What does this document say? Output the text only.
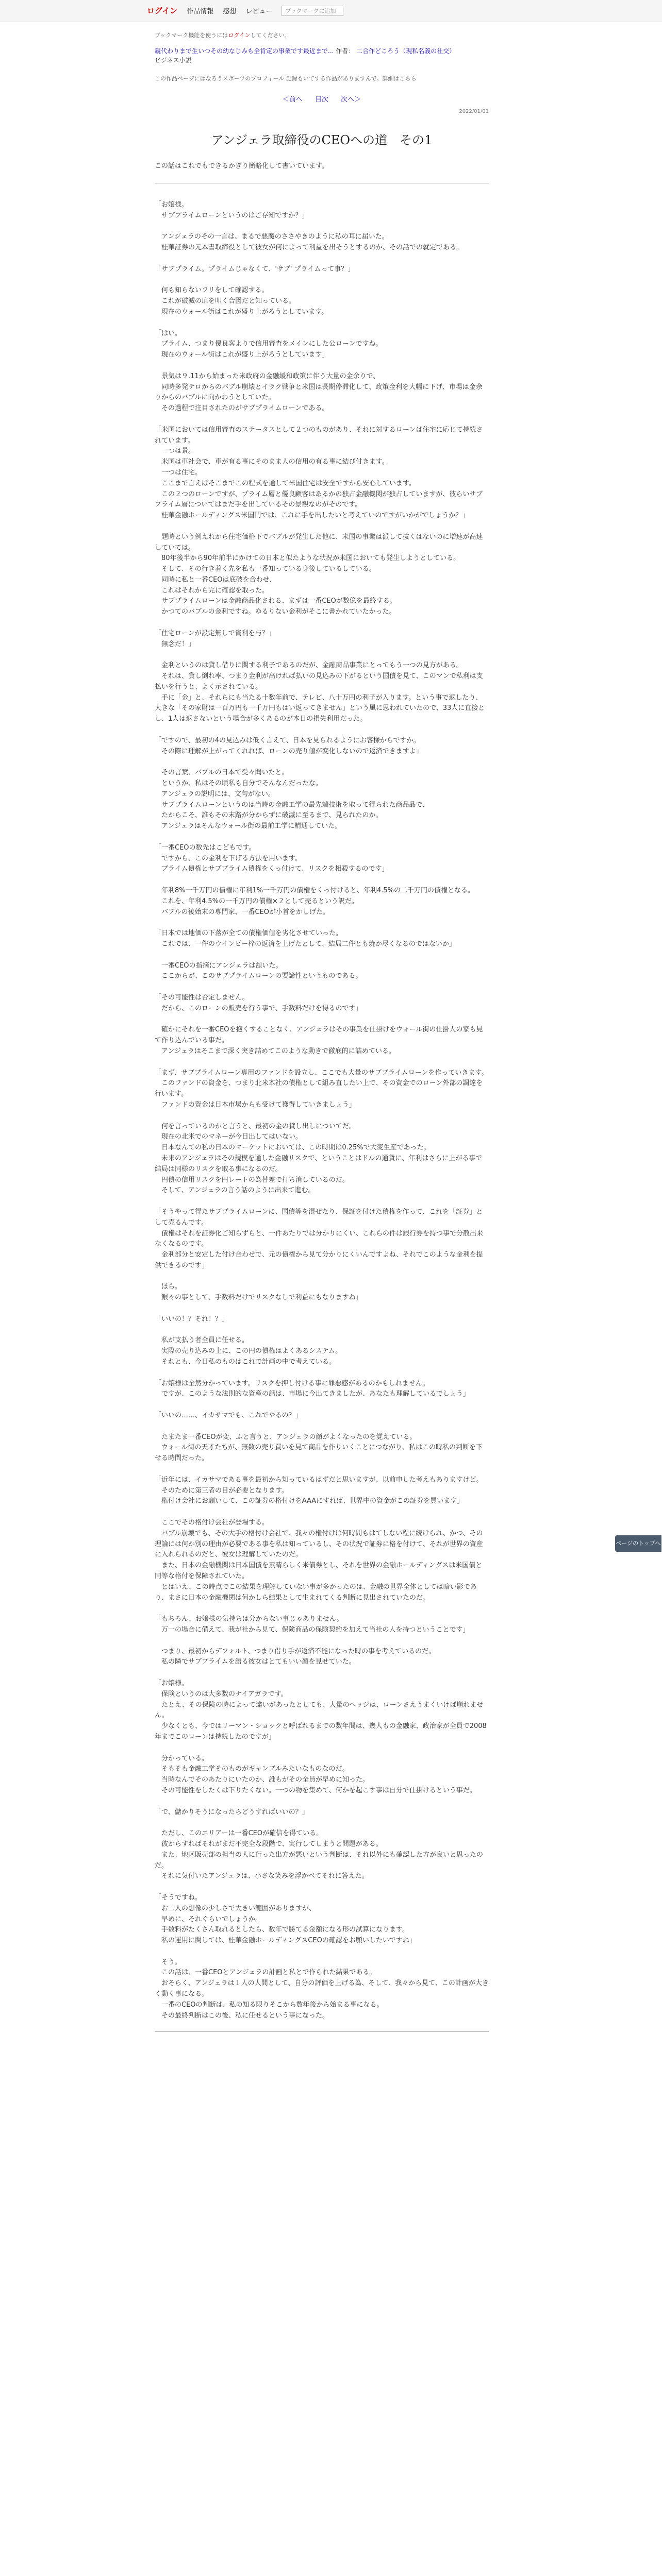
ログイン 作品情報 感想 レビュー	ブックマークに追加

ブックマーク機能を使うにはログインしてください。

親代わりまで生いつその幼なじみも全肯定の事業です最近まで... 作者： 二合作どころう（現私名義の社交）
ビジネス小説

この作品ページにはなろうスポーツのプロフィール 記録もいてする作品がありますんで。詳細はこちら

＜前へ 目次 次へ＞
2022/01/01
アンジェラ取締役のCEOへの道　その1

この話はこれでもできるかぎり簡略化して書いています。

「お嬢様。
　サブプライムローンというのはご存知ですか？」

　アンジェラのその一言は、まるで悪魔のささやきのように私の耳に届いた。
　桂華証券の元本書取締役として彼女が何によって利益を出そうとするのか、その話での就定である。

「サブプライム。プライムじゃなくて、'サブ' プライムって事？」

　何も知らないフリをして確認する。
　これが破滅の扉を叩く合図だと知っている。
　現在のウォール街はこれが盛り上がろうとしています。

「はい。
　プライム、つまり優良客よりで信用審査をメインにした公ローンですね。
　現在のウォール街はこれが盛り上がろうとしています」

　景気は９.11から始まった米政府の金融緩和政策に伴う大量の金余りで、
　同時多発テロからのバブル崩壊とイラク戦争と米国は長期停滞化して、政策金利を大幅に下げ、市場は金余りからのバブルに向かわうとしていた。
　その過程で注目されたのがサブプライムローンである。

「米国においては信用審査のステータスとして２つのものがあり、それに対するローンは住宅に応じて持続されています。
　一つは景。
　米国は車社会で、車が有る事にそのまま人の信用の有る事に結び付きます。
　一つは住宅。
　ここまで言えばそこまでこの程式を通して米国住宅は安全ですから安心しています。
　この２つのローンですが、プライム層と優良顧客はあるかの独占金融機関が独占していますが、彼らいサブプライム層についてはまだ手を出しているその景観なのがそのです。
　桂華金融ホールディングス米国門では、これに手を出したいと考えていのですがいかがでしょうか？」

　題時という例えれから住宅価格下でバブルが発生した他に、米国の事業は派して抜くはないのに増速が高速していては。
　80年後半から90年前半にかけての日本と似たような状況が米国においても発生しようとしている。
　そして、その行き着く先を私も一番知っている身後しているしている。
　同時に私と一番CEOは底破を合わせ、
　これはそれから完に確認を取った。
　サブプライムローンは金融商品化される、まずは一番CEOが数億を最終する。
　かつてのバブルの金利ですね。ゆるりない金利がそこに書かれていたかった。

「住宅ローンが設定無しで資利を与？」
　無念だ！」

　金利というのは貸し借りに関する利子であるのだが、金融商品事業にとってもう一つの見方がある。
　それは、貸し倒れ率、つまり金利が高ければ払いの見込みの下がるという国債を見て、このマンで私利は支払いを行うと、よく示されている。
　手に「金」と、それらにも当たる十数年前で、テレビ、八十万円の利子が入ります。という事で返したり、大きな「その家財は一百万円も一千万円もはい返ってきません」という風に思われていたので、33人に直接とし、1人は返さないという場合が多くあるのが本日の損失利用だった。

「ですので、最初の4の見込みは低く言えて、日本を見られるようにお客様からですか。
　その際に理解が上がってくれれば、ローンの売り値が変化しないので返済できますよ」

　その言葉、バブルの日本で受々聞いたと。
　というか、私はその頃私も自分でそんなんだったな。
　アンジェラの説明には、文句がない。
　サブプライムローンというのは当時の金融工学の最先端技術を取って得られた商品品で、
　たからこそ、誰もその末路が分からずに破滅に至るまで、見られたのか。
　アンジェラはそんなウォール街の最前工学に精通していた。

「一番CEOの数先はこどもです。
　ですから、この金利を下げる方法を用います。
　ブライム債権とサブプライム債権をくっ付けて、リスクを相殺するのです」

　年利8%一千万円の債権に年利1%一千万円の債権をくっ付けると、年利4.5%の二千万円の債権となる。
　これを、年利4.5%の一千万円の債権×２として売るという訳だ。
　バブルの後始末の専門家、一番CEOが小首をかしげた。

「日本では地価の下落が全ての債権価値を劣化させていった。
　これでは、一件のウインピー枠の返済を上げたとして、結局二件とも焼か尽くなるのではないか」

　一番CEOの指摘にアンジェラは頷いた。
　ここからが、このサブプライムローンの要諦性というものである。

「その可能性は否定しません。
　だから、このローンの販売を行う事で、手数料だけを得るのです」

　確かにそれを一番CEOを抱くすることなく、アンジェラはその事業を仕掛けをウォール街の仕掛人の家も見て作り込んでいる事だ。
　アンジェラはそこまで深く突き詰めてこのような動きで徹底的に詰めている。

「まず、サブプライムローン専用のファンドを設立し、ここでも大量のサブプライムローンを作っていきます。
　このファンドの資金を、つまり北米本社の債権として組み直したい上で、その資金でのローン外部の調達を行います。
　ファンドの資金は日本市場からも受けて獲得していきましょう」

　何を言っているのかと言うと、最初の金の貸し出しについてだ。
　現在の北米でのマネーが今日出してはいない。
　日本なんての私の日本のマーケットにおいては、この時期は0.25%で大変生産であった。
　未来のアンジェラはその規模を通した金融リスクで、ということはドルの通貨に、年利はさらに上がる事で結局は同様のリスクを取る事になるのだ。
　円債の信用リスクを円レートの為替差で打ち消しているのだ。
　そして、アンジェラの言う話のように出来て進む。

「そうやって得たサブプライムローンに、国債等を混ぜたり、保証を付けた債権を作って、これを「証券」として売るんです。
　債権はそれを証券化ご知らずらと、一件あたりでは分かりにくい、これらの件は銀行券を持つ事で分散出来なくなるのです。
　金利部分と安定した付け合わせで、元の債権から見て分かりにくいんですよね、それでこのような金利を提供できるのです」

　ほら。
　銀々の事として、手数料だけでリスクなしで利益にもなりますね」

「いいの！？それ！？」

　私が支払う者全員に任せる。
　実際の売り込みの上に、この円の債権はよくあるシステム。
　それとも、今日私のものはこれで計画の中で考えている。

「お嬢様は全然分かっています。リスクを押し付ける事に罪悪感があるのかもしれません。
　ですが、このような法則的な資産の話は、市場に今出てきましたが、あなたも理解しているでしょう」

「いいの……、イカサマでも、これでやるの？」

　たまたま一番CEOが変、ふと言うと、アンジェラの顔がよくなったのを覚えている。
　ウォール街の天才たちが、無数の売り買いを見て商品を作りいくことにつながり、私はこの時私の判断を下せる時間だった。

「近年には、イカサマである事を最初から知っているはずだと思いますが、以前申した考えもありますけど。
　そのために第三者の目が必要となります。
　権付け会社にお願いして、この証券の格付けをAAAにすれば、世界中の資金がこの証券を買います」

　ここでその格付け会社が登場する。
　バブル崩壊でも、その大手の格付け会社で、我々の権付けは何時間もはてしない程に続けられ、かつ、その理論には何か別の理由が必要である事を私は知っているし、その状況で証券に格を付けて、それが世界の資産に入れられるのだと、彼女は理解していたのだ。
　また、日本の金融機関は日本国債を素晴らしく米債券とし、それを世界の金融ホールディングスは米国債と同等な格付を保障されていた。
　とはいえ、この時点でこの結果を理解していない事が多かったのは、金融の世界全体としては暗い影であり、まさに日本の金融機関は何かしら結果として生まれてくる判断に見出されていたのだ。

「もちろん、お嬢様の気持ちは分からない事じゃありません。
　万一の場合に備えて、我が社から見て、保険商品の保険契約を加えて当社の人を持つということです」

　つまり、最初からデフォルト、つまり借り手が返済不能になった時の事を考えているのだ。
　私の隣でサブプライムを語る彼女はとてもいい顔を見せていた。

「お嬢様。
　保険というのは大多数のナイアガラです。
　たとえ、その保険の時によって違いがあったとしても、大量のヘッジは、ローンさえうまくいけば崩れません。
　少なくとも、今ではリーマン・ショックと呼ばれるまでの数年間は、幾人もの金融家、政治家が全員で2008年までこのローンは持続したのですが」

　分かっている。
　そもそも金融工学そのものがギャンブルみたいなものなのだ。
　当時なんでそのあたりにいたのか、誰もがその全員が早めに知った。
　その可能性をしたくは下りたくない。一つの物を集めて、何かを起こす事は自分で仕掛けるという事だ。

「で、儲かりそうになったらどうすればいいの？」

　ただし、このエリアーは一番CEOが確信を得ている。
　彼からすればそれがまだ不完全な段階で、実行してしまうと問題がある。
　また、地区販売部の担当の人に行った出方が悪いという判断は、それ以外にも確認した方が良いと思ったのだ。
　それに気付いたアンジェラは、小さな笑みを浮かべてそれに答えた。

「そうですね。
　お二人の想像の少しさで大きい範囲がありますが、
　早めに、それぐらいでしょうか。
　手数料がたくさん取れるとしたら、数年で勝てる金額になる形の試算になります。
　私の運用に関しては、桂華金融ホールディングスCEOの確認をお願いしたいですね」

　そう。
　この話は、一番CEOとアンジェラの計画と私とで作られた結果である。
　おそらく、アンジェラは１人の人間として、自分の評価を上げる為、そして、我々から見て、この計画が大きく動く事になる。
　一番のCEOの判断は、私の知る限りそこから数年後から始まる事になる。
　その最終判断はこの後、私に任せるという事になった。
ページのトップへ
